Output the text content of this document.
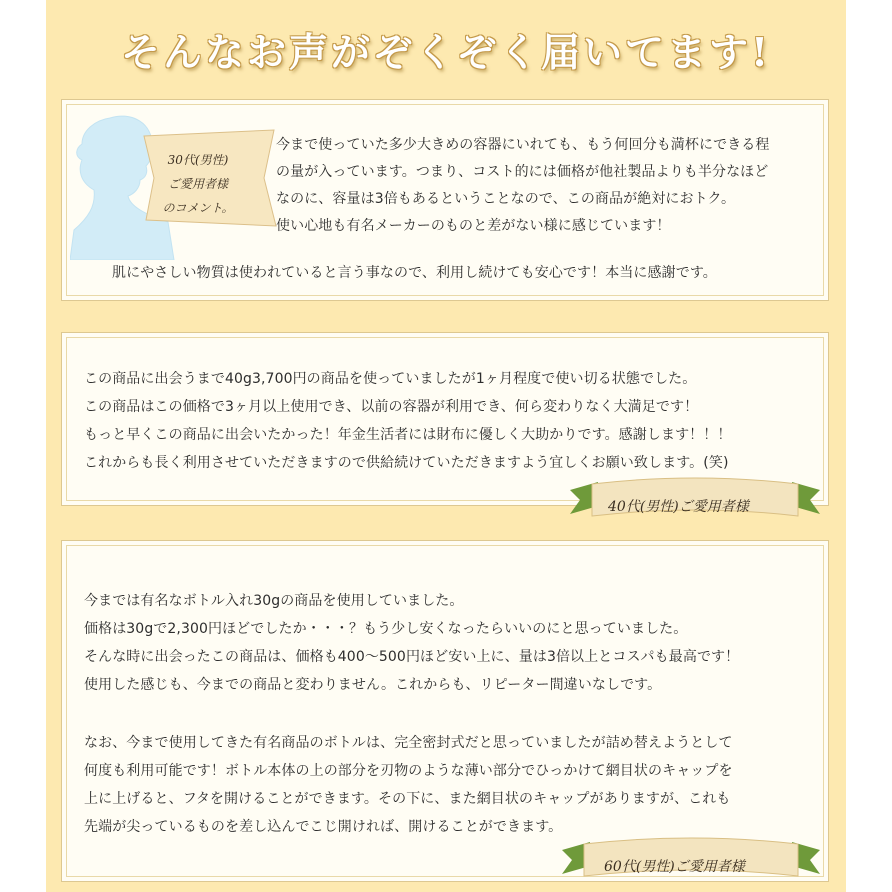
そんなお声がぞくぞく届いてます!
30代(男性)
ご愛用者様
のコメント。
今まで使っていた多少大きめの容器にいれても、もう何回分も満杯にできる程
の量が入っています。つまり、コスト的には価格が他社製品よりも半分なほど
なのに、容量は3倍もあるということなので、この商品が絶対におトク。
使い心地も有名メーカーのものと差がない様に感じています！
肌にやさしい物質は使われていると言う事なので、利用し続けても安心です！本当に感謝です。
この商品に出会うまで40g3,700円の商品を使っていましたが1ヶ月程度で使い切る状態でした。
この商品はこの価格で3ヶ月以上使用でき、以前の容器が利用でき、何ら変わりなく大満足です！
もっと早くこの商品に出会いたかった！年金生活者には財布に優しく大助かりです。感謝します！！！
これからも長く利用させていただきますので供給続けていただきますよう宜しくお願い致します。(笑)
40代(男性)ご愛用者様
今までは有名なボトル入れ30gの商品を使用していました。
価格は30gで2,300円ほどでしたか・・・？もう少し安くなったらいいのにと思っていました。
そんな時に出会ったこの商品は、価格も400〜500円ほど安い上に、量は3倍以上とコスパも最高です！
使用した感じも、今までの商品と変わりません。これからも、リピーター間違いなしです。
なお、今まで使用してきた有名商品のボトルは、完全密封式だと思っていましたが詰め替えようとして
何度も利用可能です！ボトル本体の上の部分を刃物のような薄い部分でひっかけて網目状のキャップを
上に上げると、フタを開けることができます。その下に、また網目状のキャップがありますが、これも
先端が尖っているものを差し込んでこじ開ければ、開けることができます。
60代(男性)ご愛用者様
